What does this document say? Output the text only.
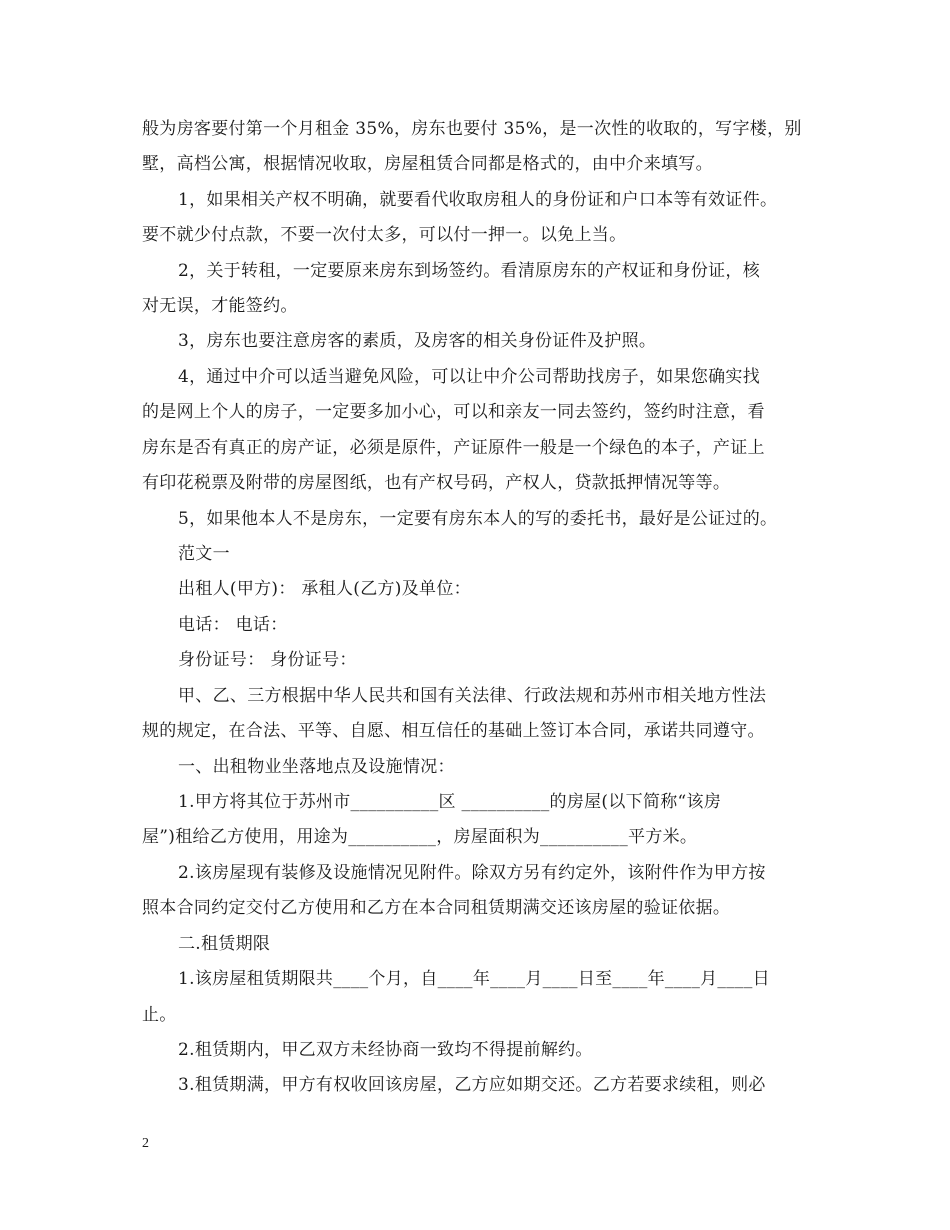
般为房客要付第一个月租金 35%，房东也要付 35%，是一次性的收取的，写字楼，别
墅，高档公寓，根据情况收取，房屋租赁合同都是格式的，由中介来填写。
1，如果相关产权不明确，就要看代收取房租人的身份证和户口本等有效证件。
要不就少付点款，不要一次付太多，可以付一押一。以免上当。
2，关于转租，一定要原来房东到场签约。看清原房东的产权证和身份证，核
对无误，才能签约。
3，房东也要注意房客的素质，及房客的相关身份证件及护照。
4，通过中介可以适当避免风险，可以让中介公司帮助找房子，如果您确实找
的是网上个人的房子，一定要多加小心，可以和亲友一同去签约，签约时注意，看
房东是否有真正的房产证，必须是原件，产证原件一般是一个绿色的本子，产证上
有印花税票及附带的房屋图纸，也有产权号码，产权人，贷款抵押情况等等。
5，如果他本人不是房东，一定要有房东本人的写的委托书，最好是公证过的。
范文一
出租人(甲方)： 承租人(乙方)及单位：
电话： 电话：
身份证号： 身份证号：
甲、乙、三方根据中华人民共和国有关法律、行政法规和苏州市相关地方性法
规的规定，在合法、平等、自愿、相互信任的基础上签订本合同，承诺共同遵守。
一、出租物业坐落地点及设施情况：
1.甲方将其位于苏州市__________区 __________的房屋(以下简称“该房
屋”)租给乙方使用，用途为__________，房屋面积为__________平方米。
2.该房屋现有装修及设施情况见附件。除双方另有约定外，该附件作为甲方按
照本合同约定交付乙方使用和乙方在本合同租赁期满交还该房屋的验证依据。
二.租赁期限
1.该房屋租赁期限共____个月，自____年____月____日至____年____月____日
止。
2.租赁期内，甲乙双方未经协商一致均不得提前解约。
3.租赁期满，甲方有权收回该房屋，乙方应如期交还。乙方若要求续租，则必
2
